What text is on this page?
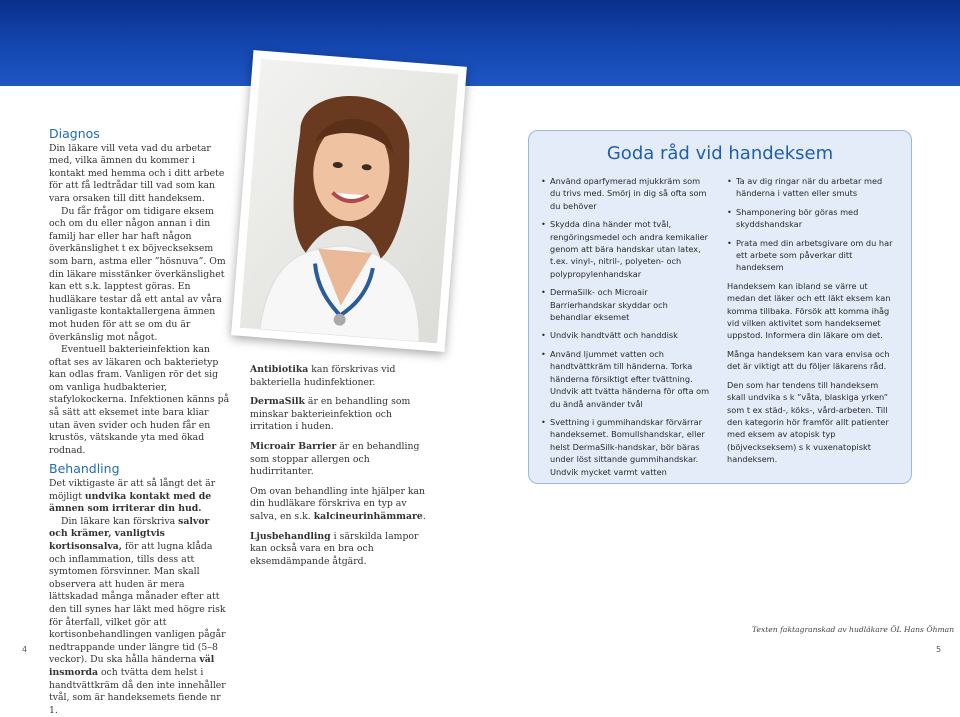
Diagnos

Din läkare vill veta vad du arbetar med, vilka ämnen du kommer i kontakt med hemma och i ditt arbete för att få ledtrådar till vad som kan vara orsaken till ditt handeksem.

Du får frågor om tidigare eksem och om du eller någon annan i din familj har eller har haft någon överkänslighet t ex böjveckseksem som barn, astma eller ”hösnuva”. Om din läkare misstänker överkänslighet kan ett s.k. lapptest göras. En hudläkare testar då ett antal av våra vanligaste kontaktallergena ämnen mot huden för att se om du är överkänslig mot något.

Eventuell bakterieinfektion kan oftat ses av läkaren och bakterietyp kan odlas fram. Vanligen rör det sig om vanliga hudbakterier, stafylokockerna. Infektionen känns på så sätt att eksemet inte bara kliar utan även svider och huden får en krustös, vätskande yta med ökad rodnad.

Behandling

Det viktigaste är att så långt det är möjligt undvika kontakt med de ämnen som irriterar din hud.

Din läkare kan förskriva salvor och krämer, vanligtvis kortisonsalva, för att lugna klåda och inflammation, tills dess att symtomen försvinner. Man skall observera att huden är mera lättskadad många månader efter att den till synes har läkt med högre risk för återfall, vilket gör att kortisonbehandlingen vanligen pågår nedtrappande under längre tid (5–8 veckor). Du ska hålla händerna väl insmorda och tvätta dem helst i handtvättkräm då den inte innehåller tvål, som är handeksemets fiende nr 1.

Antibiotika kan förskrivas vid bakteriella hudinfektioner.

DermaSilk är en behandling som minskar bakterieinfektion och irritation i huden.

Microair Barrier är en behandling som stoppar allergen och hudirritanter.

Om ovan behandling inte hjälper kan din hudläkare förskriva en typ av salva, en s.k. kalcineurinhämmare.

Ljusbehandling i särskilda lampor kan också vara en bra och eksemdämpande åtgärd.

Goda råd vid handeksem
• Använd oparfymerad mjukkräm som du trivs med. Smörj in dig så ofta som du behöver
• Skydda dina händer mot tvål, rengöringsmedel och andra kemikalier genom att bära handskar utan latex, t.ex. vinyl-, nitril-, polyeten- och polypropylenhandskar
• DermaSilk- och Microair Barrierhandskar skyddar och behandlar eksemet
• Undvik handtvätt och handdisk
• Använd ljummet vatten och handtvättkräm till händerna. Torka händerna försiktigt efter tvättning. Undvik att tvätta händerna för ofta om du ändå använder tvål
• Svettning i gummihandskar förvärrar handeksemet. Bomullshandskar, eller helst DermaSilk-handskar, bör bäras under löst sittande gummihandskar. Undvik mycket varmt vatten
• Ta av dig ringar när du arbetar med händerna i vatten eller smuts
• Shamponering bör göras med skyddshandskar
• Prata med din arbetsgivare om du har ett arbete som påverkar ditt handeksem

Handeksem kan ibland se värre ut medan det läker och ett läkt eksem kan komma tillbaka. Försök att komma ihåg vid vilken aktivitet som handeksemet uppstod. Informera din läkare om det.

Många handeksem kan vara envisa och det är viktigt att du följer läkarens råd.

Den som har tendens till handeksem skall undvika s k ”våta, blaskiga yrken” som t ex städ-, köks-, vård-arbeten. Till den kategorin hör framför allt patienter med eksem av atopisk typ (böjveckseksem) s k vuxenatopiskt handeksem.

Texten faktagranskad av hudläkare ÖL Hans Öhman
4	5
